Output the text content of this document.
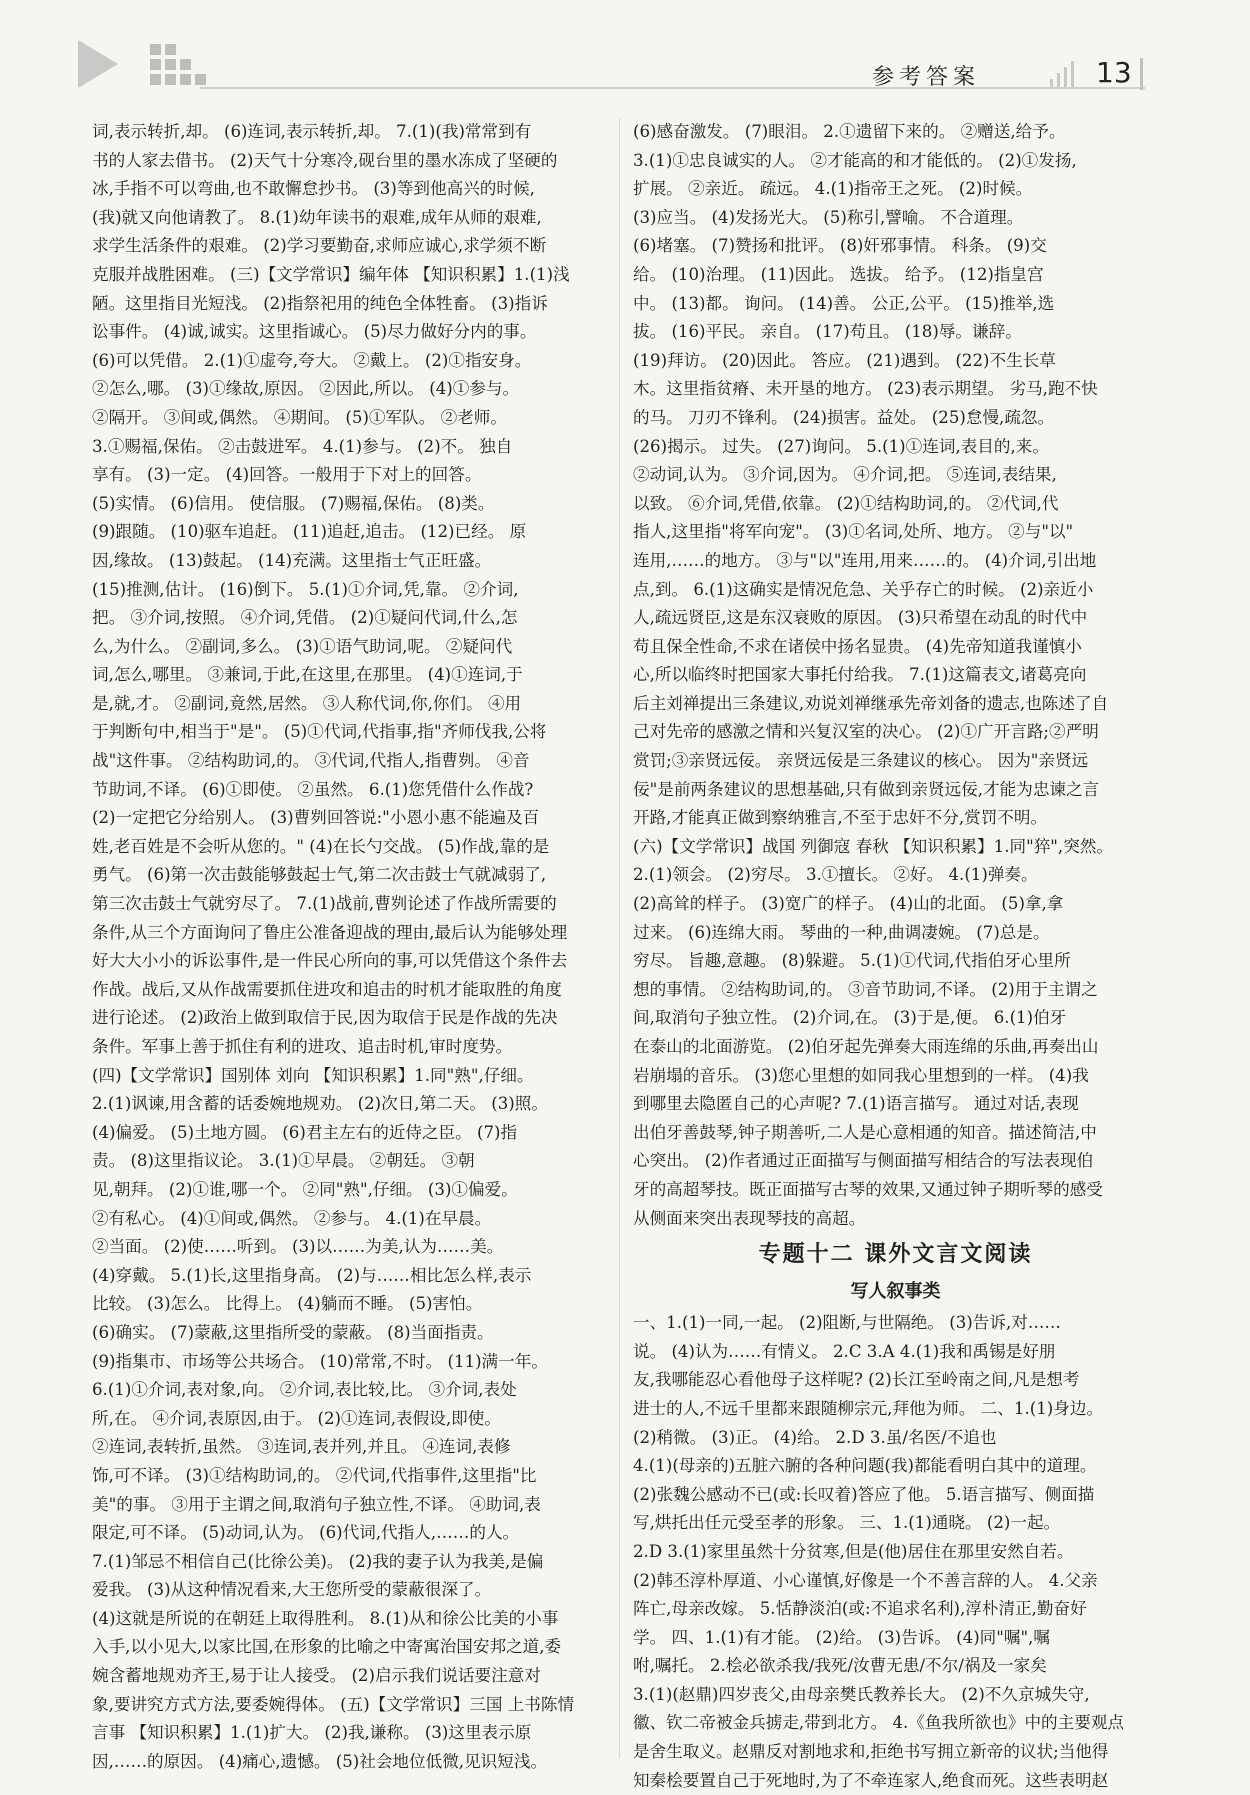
参考答案	13

词,表示转折,却。 (6)连词,表示转折,却。 7.(1)(我)常常到有

书的人家去借书。 (2)天气十分寒冷,砚台里的墨水冻成了坚硬的

冰,手指不可以弯曲,也不敢懈怠抄书。 (3)等到他高兴的时候,

(我)就又向他请教了。 8.(1)幼年读书的艰难,成年从师的艰难,

求学生活条件的艰难。 (2)学习要勤奋,求师应诚心,求学须不断

克服并战胜困难。 (三)【文学常识】编年体 【知识积累】1.(1)浅

陋。这里指目光短浅。 (2)指祭祀用的纯色全体牲畜。 (3)指诉

讼事件。 (4)诚,诚实。这里指诚心。 (5)尽力做好分内的事。

(6)可以凭借。 2.(1)①虚夸,夸大。 ②戴上。 (2)①指安身。

②怎么,哪。 (3)①缘故,原因。 ②因此,所以。 (4)①参与。

②隔开。 ③间或,偶然。 ④期间。 (5)①军队。 ②老师。

3.①赐福,保佑。 ②击鼓进军。 4.(1)参与。 (2)不。 独自

享有。 (3)一定。 (4)回答。一般用于下对上的回答。

(5)实情。 (6)信用。 使信服。 (7)赐福,保佑。 (8)类。

(9)跟随。 (10)驱车追赶。 (11)追赶,追击。 (12)已经。 原

因,缘故。 (13)鼓起。 (14)充满。这里指士气正旺盛。

(15)推测,估计。 (16)倒下。 5.(1)①介词,凭,靠。 ②介词,

把。 ③介词,按照。 ④介词,凭借。 (2)①疑问代词,什么,怎

么,为什么。 ②副词,多么。 (3)①语气助词,呢。 ②疑问代

词,怎么,哪里。 ③兼词,于此,在这里,在那里。 (4)①连词,于

是,就,才。 ②副词,竟然,居然。 ③人称代词,你,你们。 ④用

于判断句中,相当于"是"。 (5)①代词,代指事,指"齐师伐我,公将

战"这件事。 ②结构助词,的。 ③代词,代指人,指曹刿。 ④音

节助词,不译。 (6)①即使。 ②虽然。 6.(1)您凭借什么作战?

(2)一定把它分给别人。 (3)曹刿回答说:"小恩小惠不能遍及百

姓,老百姓是不会听从您的。" (4)在长勺交战。 (5)作战,靠的是

勇气。 (6)第一次击鼓能够鼓起士气,第二次击鼓士气就减弱了,

第三次击鼓士气就穷尽了。 7.(1)战前,曹刿论述了作战所需要的

条件,从三个方面询问了鲁庄公准备迎战的理由,最后认为能够处理

好大大小小的诉讼事件,是一件民心所向的事,可以凭借这个条件去

作战。战后,又从作战需要抓住进攻和追击的时机才能取胜的角度

进行论述。 (2)政治上做到取信于民,因为取信于民是作战的先决

条件。军事上善于抓住有利的进攻、追击时机,审时度势。

(四)【文学常识】国别体 刘向 【知识积累】1.同"熟",仔细。

2.(1)讽谏,用含蓄的话委婉地规劝。 (2)次日,第二天。 (3)照。

(4)偏爱。 (5)土地方圆。 (6)君主左右的近侍之臣。 (7)指

责。 (8)这里指议论。 3.(1)①早晨。 ②朝廷。 ③朝

见,朝拜。 (2)①谁,哪一个。 ②同"熟",仔细。 (3)①偏爱。

②有私心。 (4)①间或,偶然。 ②参与。 4.(1)在早晨。

②当面。 (2)使……听到。 (3)以……为美,认为……美。

(4)穿戴。 5.(1)长,这里指身高。 (2)与……相比怎么样,表示

比较。 (3)怎么。 比得上。 (4)躺而不睡。 (5)害怕。

(6)确实。 (7)蒙蔽,这里指所受的蒙蔽。 (8)当面指责。

(9)指集市、市场等公共场合。 (10)常常,不时。 (11)满一年。

6.(1)①介词,表对象,向。 ②介词,表比较,比。 ③介词,表处

所,在。 ④介词,表原因,由于。 (2)①连词,表假设,即使。

②连词,表转折,虽然。 ③连词,表并列,并且。 ④连词,表修

饰,可不译。 (3)①结构助词,的。 ②代词,代指事件,这里指"比

美"的事。 ③用于主谓之间,取消句子独立性,不译。 ④助词,表

限定,可不译。 (5)动词,认为。 (6)代词,代指人,……的人。

7.(1)邹忌不相信自己(比徐公美)。 (2)我的妻子认为我美,是偏

爱我。 (3)从这种情况看来,大王您所受的蒙蔽很深了。

(4)这就是所说的在朝廷上取得胜利。 8.(1)从和徐公比美的小事

入手,以小见大,以家比国,在形象的比喻之中寄寓治国安邦之道,委

婉含蓄地规劝齐王,易于让人接受。 (2)启示我们说话要注意对

象,要讲究方式方法,要委婉得体。 (五)【文学常识】三国 上书陈情

言事 【知识积累】1.(1)扩大。 (2)我,谦称。 (3)这里表示原

因,……的原因。 (4)痛心,遗憾。 (5)社会地位低微,见识短浅。

(6)感奋激发。 (7)眼泪。 2.①遗留下来的。 ②赠送,给予。

3.(1)①忠良诚实的人。 ②才能高的和才能低的。 (2)①发扬,

扩展。 ②亲近。 疏远。 4.(1)指帝王之死。 (2)时候。

(3)应当。 (4)发扬光大。 (5)称引,譬喻。 不合道理。

(6)堵塞。 (7)赞扬和批评。 (8)奸邪事情。 科条。 (9)交

给。 (10)治理。 (11)因此。 选拔。 给予。 (12)指皇宫

中。 (13)都。 询问。 (14)善。 公正,公平。 (15)推举,选

拔。 (16)平民。 亲自。 (17)苟且。 (18)辱。谦辞。

(19)拜访。 (20)因此。 答应。 (21)遇到。 (22)不生长草

木。这里指贫瘠、未开垦的地方。 (23)表示期望。 劣马,跑不快

的马。 刀刃不锋利。 (24)损害。益处。 (25)怠慢,疏忽。

(26)揭示。 过失。 (27)询问。 5.(1)①连词,表目的,来。

②动词,认为。 ③介词,因为。 ④介词,把。 ⑤连词,表结果,

以致。 ⑥介词,凭借,依靠。 (2)①结构助词,的。 ②代词,代

指人,这里指"将军向宠"。 (3)①名词,处所、地方。 ②与"以"

连用,……的地方。 ③与"以"连用,用来……的。 (4)介词,引出地

点,到。 6.(1)这确实是情况危急、关乎存亡的时候。 (2)亲近小

人,疏远贤臣,这是东汉衰败的原因。 (3)只希望在动乱的时代中

苟且保全性命,不求在诸侯中扬名显贵。 (4)先帝知道我谨慎小

心,所以临终时把国家大事托付给我。 7.(1)这篇表文,诸葛亮向

后主刘禅提出三条建议,劝说刘禅继承先帝刘备的遗志,也陈述了自

己对先帝的感激之情和兴复汉室的决心。 (2)①广开言路;②严明

赏罚;③亲贤远佞。 亲贤远佞是三条建议的核心。 因为"亲贤远

佞"是前两条建议的思想基础,只有做到亲贤远佞,才能为忠谏之言

开路,才能真正做到察纳雅言,不至于忠奸不分,赏罚不明。

(六)【文学常识】战国 列御寇 春秋 【知识积累】1.同"猝",突然。

2.(1)领会。 (2)穷尽。 3.①擅长。 ②好。 4.(1)弹奏。

(2)高耸的样子。 (3)宽广的样子。 (4)山的北面。 (5)拿,拿

过来。 (6)连绵大雨。 琴曲的一种,曲调凄婉。 (7)总是。

穷尽。 旨趣,意趣。 (8)躲避。 5.(1)①代词,代指伯牙心里所

想的事情。 ②结构助词,的。 ③音节助词,不译。 (2)用于主谓之

间,取消句子独立性。 (2)介词,在。 (3)于是,便。 6.(1)伯牙

在泰山的北面游览。 (2)伯牙起先弹奏大雨连绵的乐曲,再奏出山

岩崩塌的音乐。 (3)您心里想的如同我心里想到的一样。 (4)我

到哪里去隐匿自己的心声呢? 7.(1)语言描写。 通过对话,表现

出伯牙善鼓琴,钟子期善听,二人是心意相通的知音。描述简洁,中

心突出。 (2)作者通过正面描写与侧面描写相结合的写法表现伯

牙的高超琴技。既正面描写古琴的效果,又通过钟子期听琴的感受

从侧面来突出表现琴技的高超。

专题十二 课外文言文阅读
写人叙事类

一、1.(1)一同,一起。 (2)阻断,与世隔绝。 (3)告诉,对……

说。 (4)认为……有情义。 2.C 3.A 4.(1)我和禹锡是好朋

友,我哪能忍心看他母子这样呢? (2)长江至岭南之间,凡是想考

进士的人,不远千里都来跟随柳宗元,拜他为师。 二、1.(1)身边。

(2)稍微。 (3)正。 (4)给。 2.D 3.虽/名医/不追也

4.(1)(母亲的)五脏六腑的各种问题(我)都能看明白其中的道理。

(2)张魏公感动不已(或:长叹着)答应了他。 5.语言描写、侧面描

写,烘托出任元受至孝的形象。 三、1.(1)通晓。 (2)一起。

2.D 3.(1)家里虽然十分贫寒,但是(他)居住在那里安然自若。

(2)韩丕淳朴厚道、小心谨慎,好像是一个不善言辞的人。 4.父亲

阵亡,母亲改嫁。 5.恬静淡泊(或:不追求名利),淳朴清正,勤奋好

学。 四、1.(1)有才能。 (2)给。 (3)告诉。 (4)同"嘱",嘱

咐,嘱托。 2.桧必欲杀我/我死/汝曹无患/不尔/祸及一家矣

3.(1)(赵鼎)四岁丧父,由母亲樊氏教养长大。 (2)不久京城失守,

徽、钦二帝被金兵掳走,带到北方。 4.《鱼我所欲也》中的主要观点

是舍生取义。赵鼎反对割地求和,拒绝书写拥立新帝的议状;当他得

知秦桧要置自己于死地时,为了不牵连家人,绝食而死。这些表明赵
